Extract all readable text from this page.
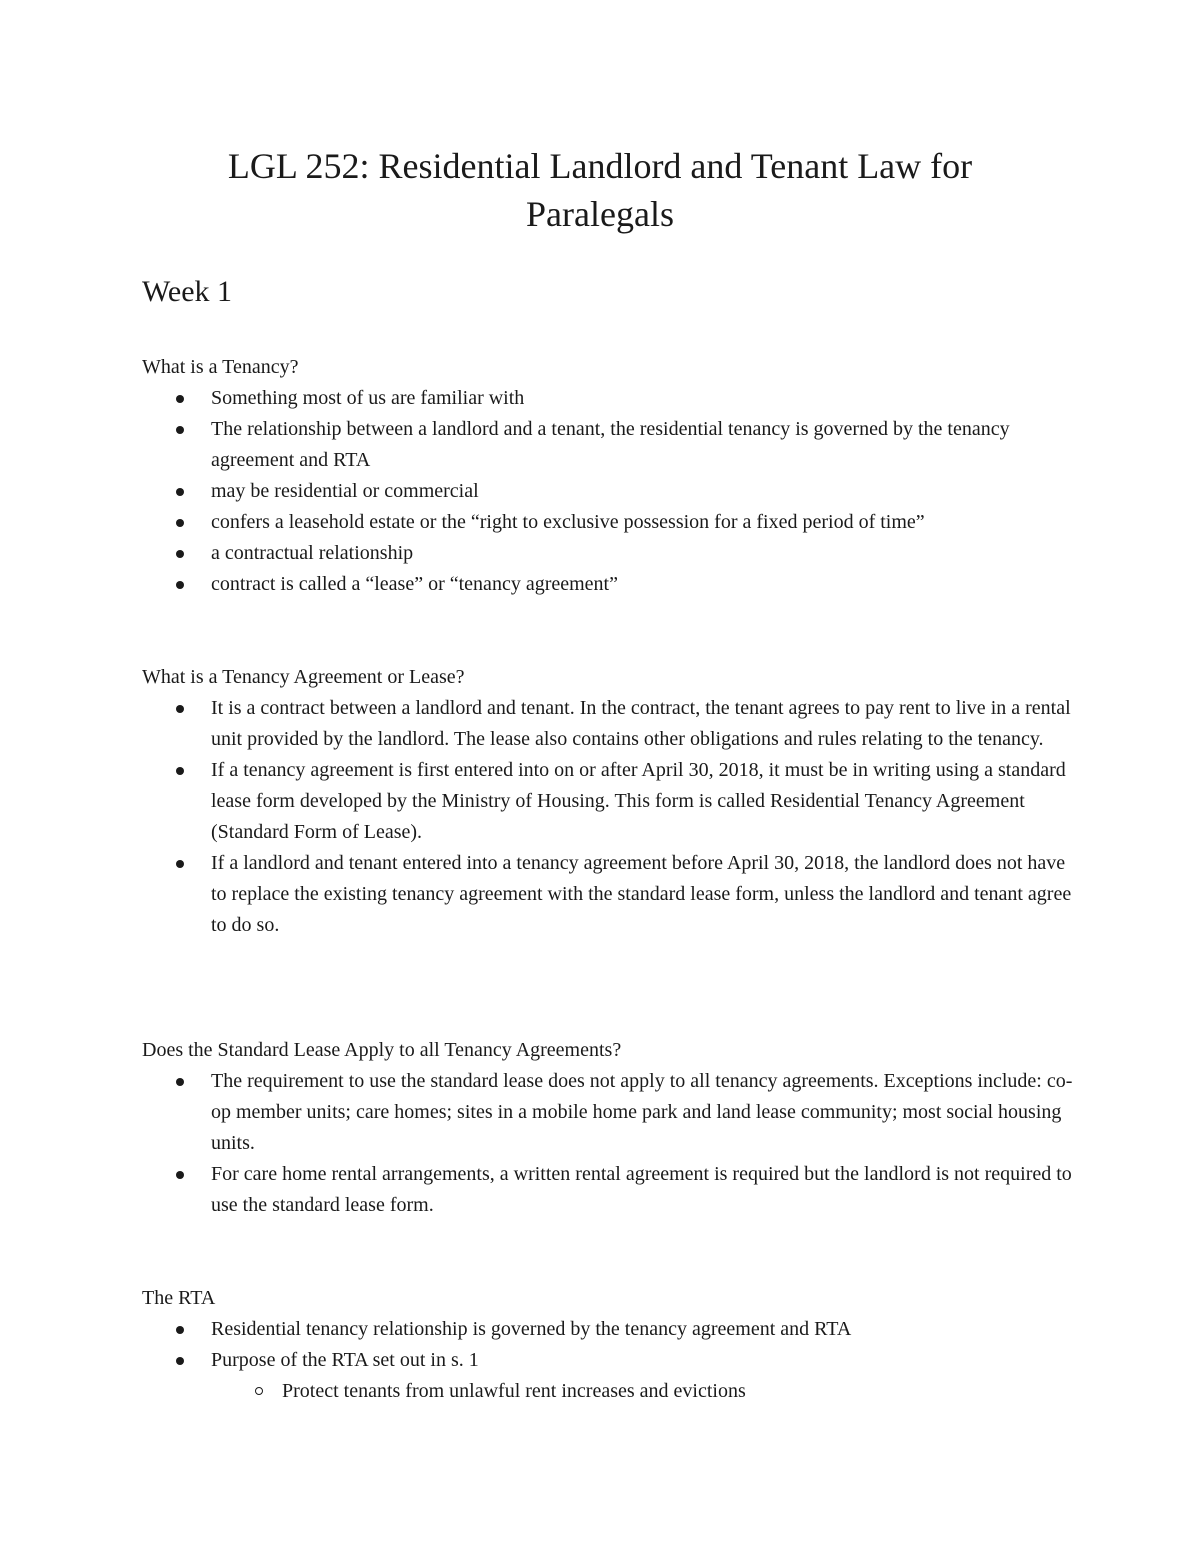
LGL 252: Residential Landlord and Tenant Law for
Paralegals
Week 1
What is a Tenancy?
Something most of us are familiar with
The relationship between a landlord and a tenant, the residential tenancy is governed by the tenancy agreement and RTA
may be residential or commercial
confers a leasehold estate or the “right to exclusive possession for a fixed period of time”
a contractual relationship
contract is called a “lease” or “tenancy agreement”
What is a Tenancy Agreement or Lease?
It is a contract between a landlord and tenant. In the contract, the tenant agrees to pay rent to live in a rental unit provided by the landlord. The lease also contains other obligations and rules relating to the tenancy.
If a tenancy agreement is first entered into on or after April 30, 2018, it must be in writing using a standard lease form developed by the Ministry of Housing. This form is called Residential Tenancy Agreement (Standard Form of Lease).
If a landlord and tenant entered into a tenancy agreement before April 30, 2018, the landlord does not have to replace the existing tenancy agreement with the standard lease form, unless the landlord and tenant agree to do so.
Does the Standard Lease Apply to all Tenancy Agreements?
The requirement to use the standard lease does not apply to all tenancy agreements. Exceptions include: co-op member units; care homes; sites in a mobile home park and land lease community; most social housing units.
For care home rental arrangements, a written rental agreement is required but the landlord is not required to use the standard lease form.
The RTA
Residential tenancy relationship is governed by the tenancy agreement and RTA
Purpose of the RTA set out in s. 1
Protect tenants from unlawful rent increases and evictions
